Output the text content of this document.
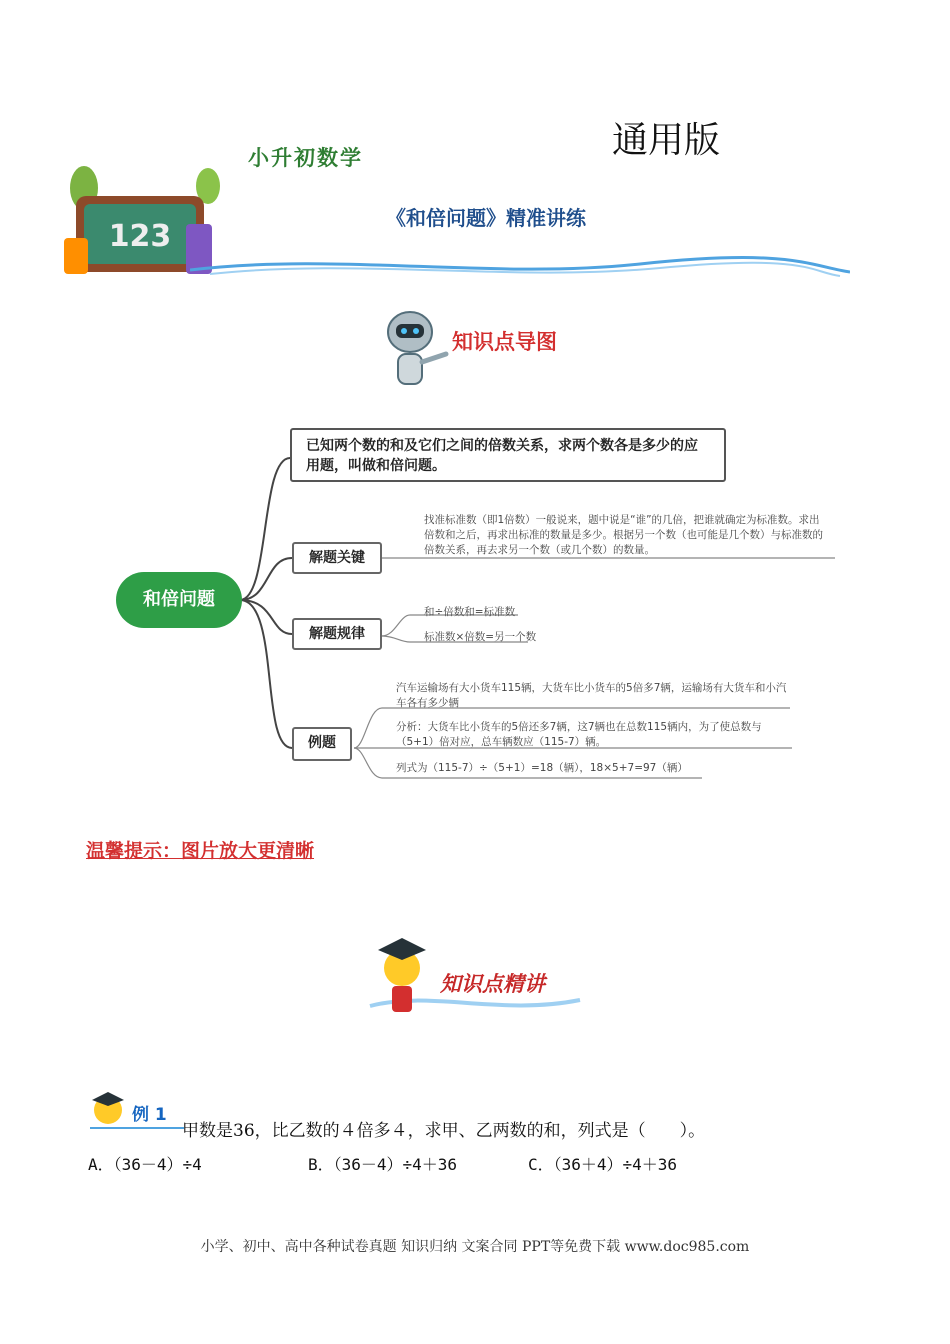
通用版
小升初数学
《和倍问题》精准讲练
123
知识点导图
和倍问题
已知两个数的和及它们之间的倍数关系，求两个数各是多少的应用题，叫做和倍问题。
解题关键
解题规律
例题
找准标准数（即1倍数）一般说来，题中说是“谁”的几倍，把谁就确定为标准数。求出倍数和之后，再求出标准的数量是多少。根据另一个数（也可能是几个数）与标准数的倍数关系，再去求另一个数（或几个数）的数量。
和÷倍数和=标准数
标准数×倍数=另一个数
汽车运输场有大小货车115辆，大货车比小货车的5倍多7辆，运输场有大货车和小汽车各有多少辆
分析：大货车比小货车的5倍还多7辆，这7辆也在总数115辆内，为了使总数与（5+1）倍对应，总车辆数应（115-7）辆。
列式为（115-7）÷（5+1）=18（辆），18×5+7=97（辆）
温馨提示：图片放大更清晰
知识点精讲
例 1
甲数是36，比乙数的４倍多４，求甲、乙两数的和，列式是（　　）。
A．（36－4）÷4	B．（36－4）÷4＋36	C．（36＋4）÷4＋36
小学、初中、高中各种试卷真题 知识归纳 文案合同 PPT等免费下载 www.doc985.com
